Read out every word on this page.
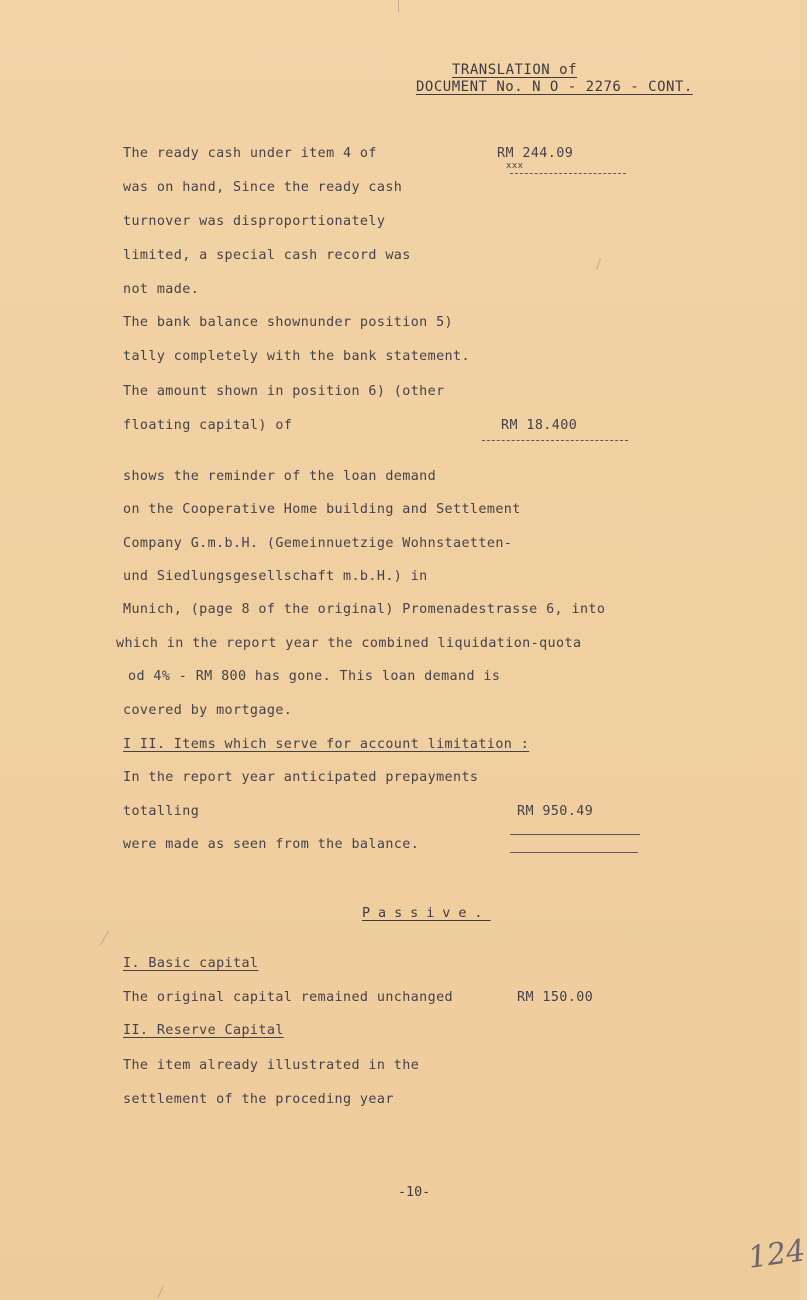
TRANSLATION of
DOCUMENT No. N O - 2276 - CONT.
The ready cash under item 4 of	RM 244.09
xxx
was on hand, Since the ready cash
turnover was disproportionately
limited, a special cash record was
not made.
The bank balance shownunder position 5)
tally completely with the bank statement.
The amount shown in position 6) (other
floating capital) of	RM 18.400
shows the reminder of the loan demand
on the Cooperative Home building and Settlement
Company G.m.b.H. (Gemeinnuetzige Wohnstaetten-
und Siedlungsgesellschaft m.b.H.) in
Munich, (page 8 of the original) Promenadestrasse 6, into
which in the report year the combined liquidation-quota
od 4% - RM 800 has gone. This loan demand is
covered by mortgage.
I II. Items which serve for account limitation :
In the report year anticipated prepayments
totalling	RM 950.49
were made as seen from the balance.
Passive.
I. Basic capital
The original capital remained unchanged	RM 150.00
II. Reserve Capital
The item already illustrated in the
settlement of the proceding year
-10-
124
